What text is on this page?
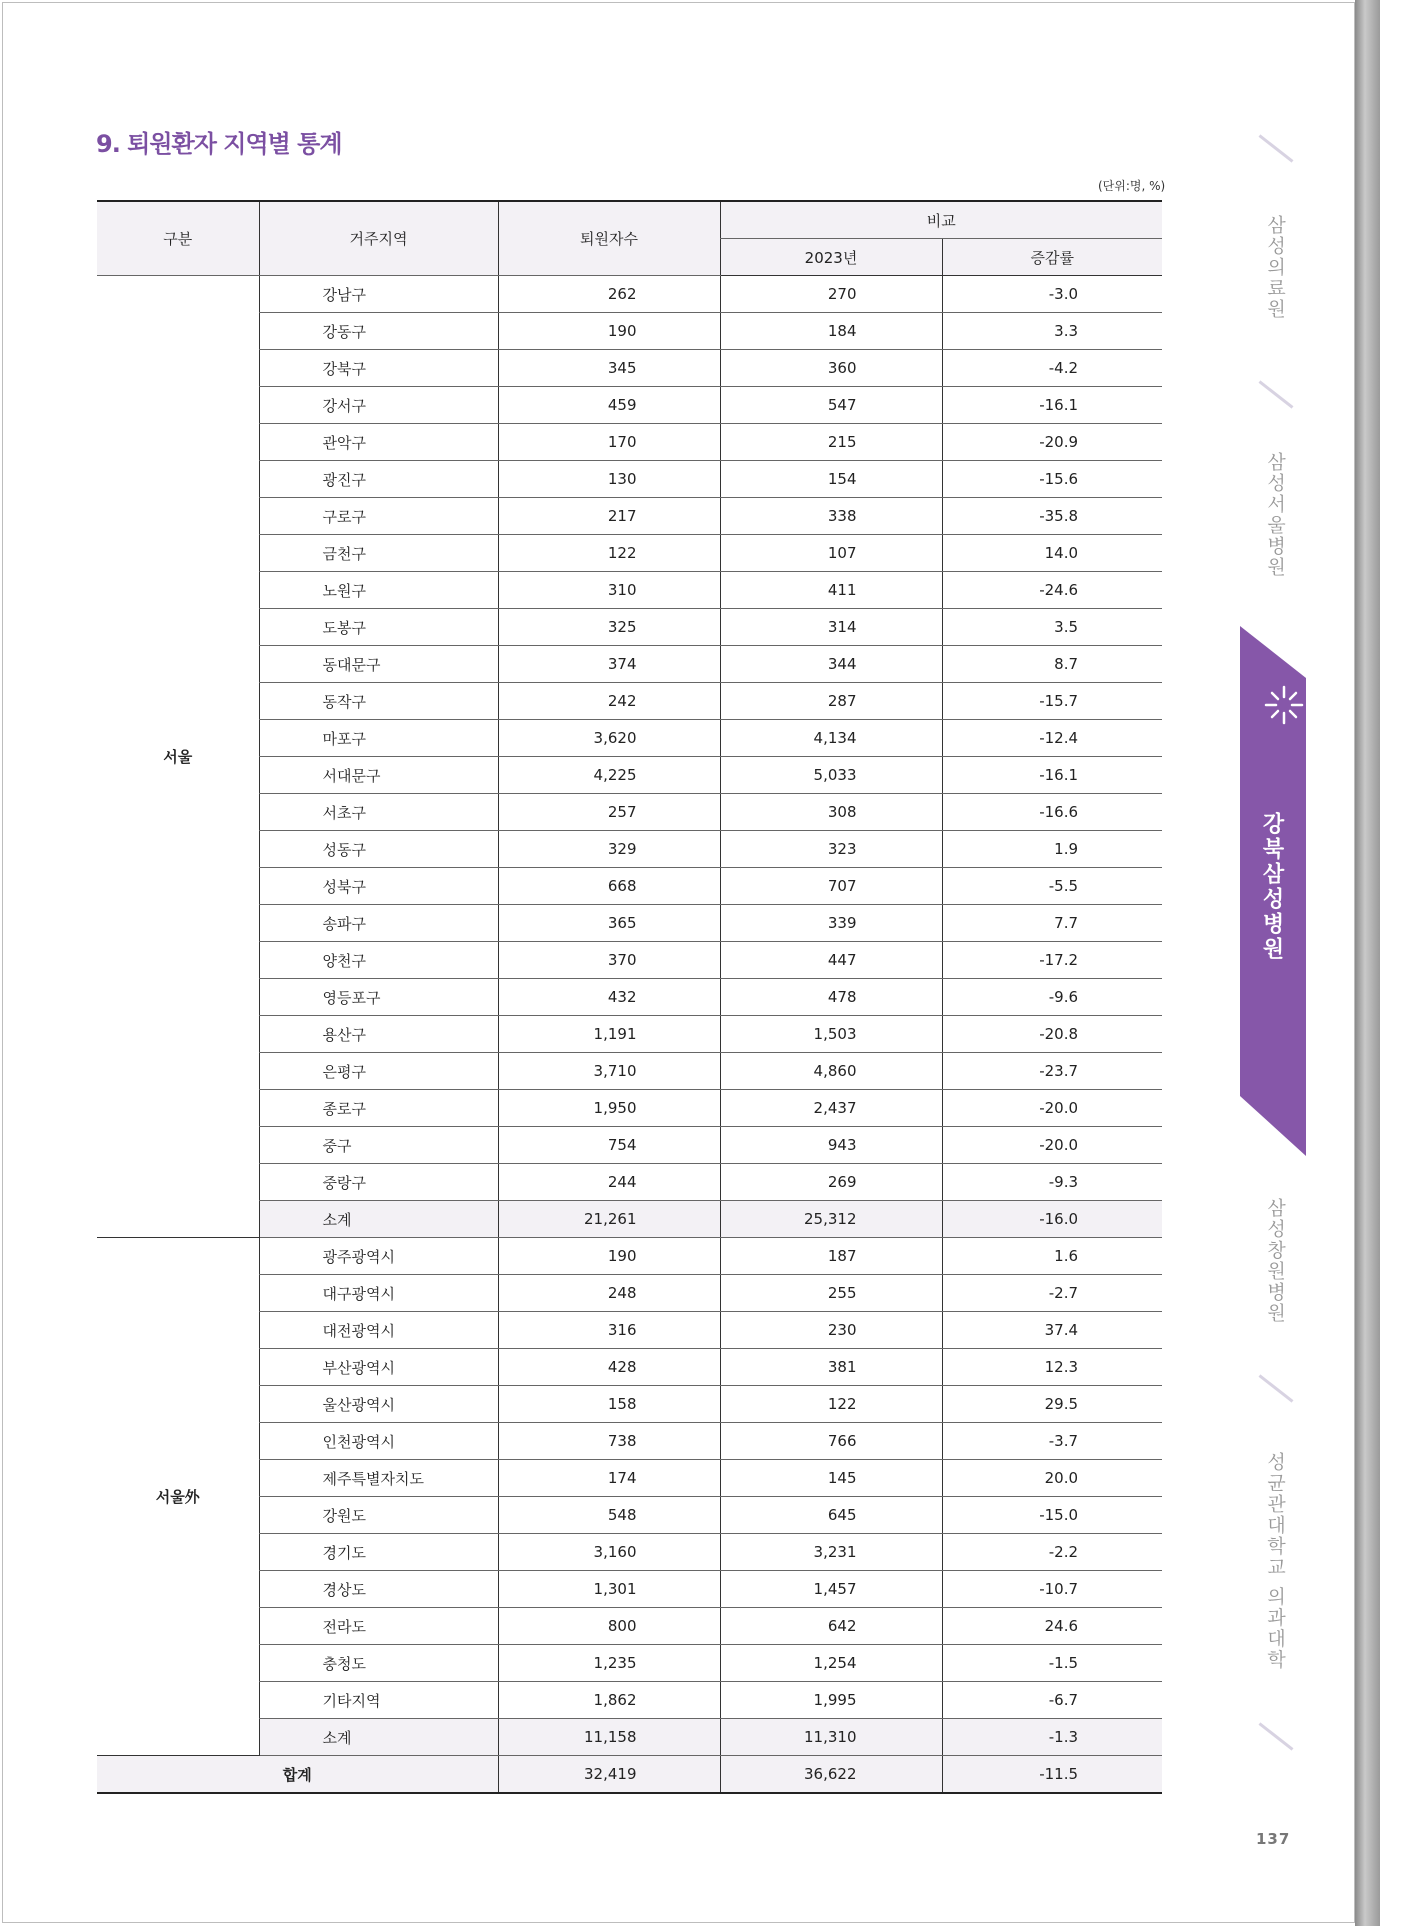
9. 퇴원환자 지역별 통계
(단위:명, %)
구분	거주지역	퇴원자수	비교	
			2023년	증감률
서울	강남구	262	270	-3.0
	강동구	190	184	3.3
	강북구	345	360	-4.2
	강서구	459	547	-16.1
	관악구	170	215	-20.9
	광진구	130	154	-15.6
	구로구	217	338	-35.8
	금천구	122	107	14.0
	노원구	310	411	-24.6
	도봉구	325	314	3.5
	동대문구	374	344	8.7
	동작구	242	287	-15.7
	마포구	3,620	4,134	-12.4
	서대문구	4,225	5,033	-16.1
	서초구	257	308	-16.6
	성동구	329	323	1.9
	성북구	668	707	-5.5
	송파구	365	339	7.7
	양천구	370	447	-17.2
	영등포구	432	478	-9.6
	용산구	1,191	1,503	-20.8
	은평구	3,710	4,860	-23.7
	종로구	1,950	2,437	-20.0
	중구	754	943	-20.0
	중랑구	244	269	-9.3
	소계	21,261	25,312	-16.0
서울外	광주광역시	190	187	1.6
	대구광역시	248	255	-2.7
	대전광역시	316	230	37.4
	부산광역시	428	381	12.3
	울산광역시	158	122	29.5
	인천광역시	738	766	-3.7
	제주특별자치도	174	145	20.0
	강원도	548	645	-15.0
	경기도	3,160	3,231	-2.2
	경상도	1,301	1,457	-10.7
	전라도	800	642	24.6
	충청도	1,235	1,254	-1.5
	기타지역	1,862	1,995	-6.7
	소계	11,158	11,310	-1.3
합계		32,419	36,622	-11.5
삼성의료원
삼성서울병원
강북삼성병원
삼성창원병원
성균관대학교 의과대학
137
